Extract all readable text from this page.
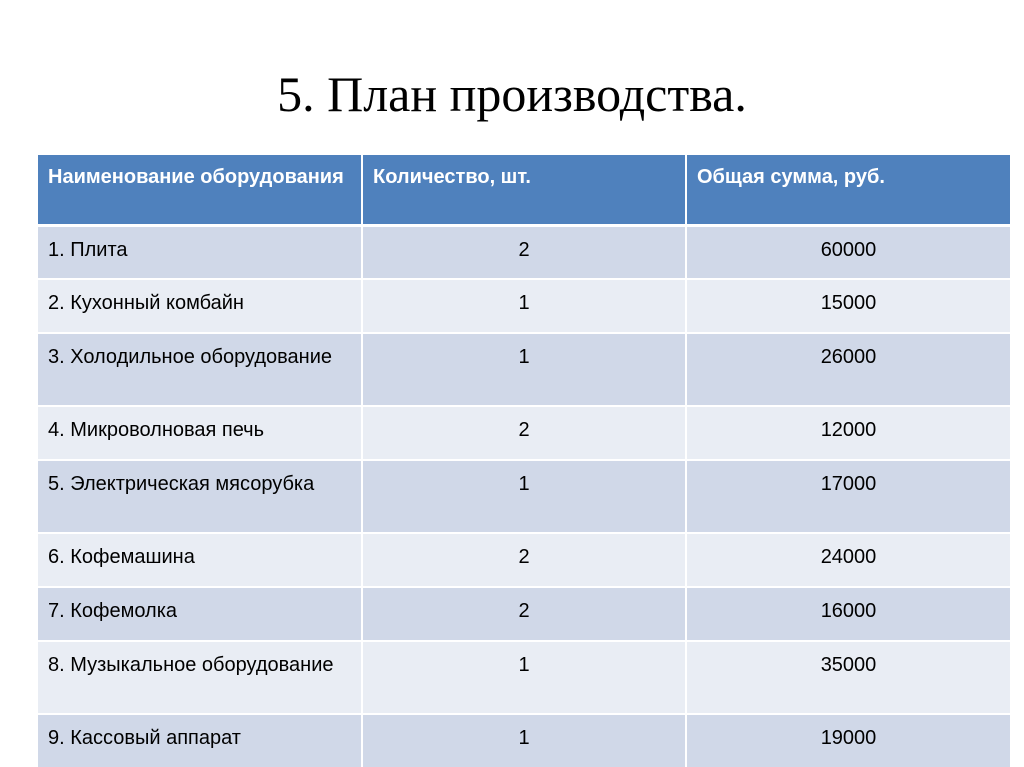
5. План производства.
Наименование оборудования	Количество, шт.	Общая сумма, руб.
1. Плита	2	60000
2. Кухонный комбайн	1	15000
3. Холодильное оборудование	1	26000
4. Микроволновая печь	2	12000
5. Электрическая мясорубка	1	17000
6. Кофемашина	2	24000
7. Кофемолка	2	16000
8. Музыкальное оборудование	1	35000
9. Кассовый аппарат	1	19000
